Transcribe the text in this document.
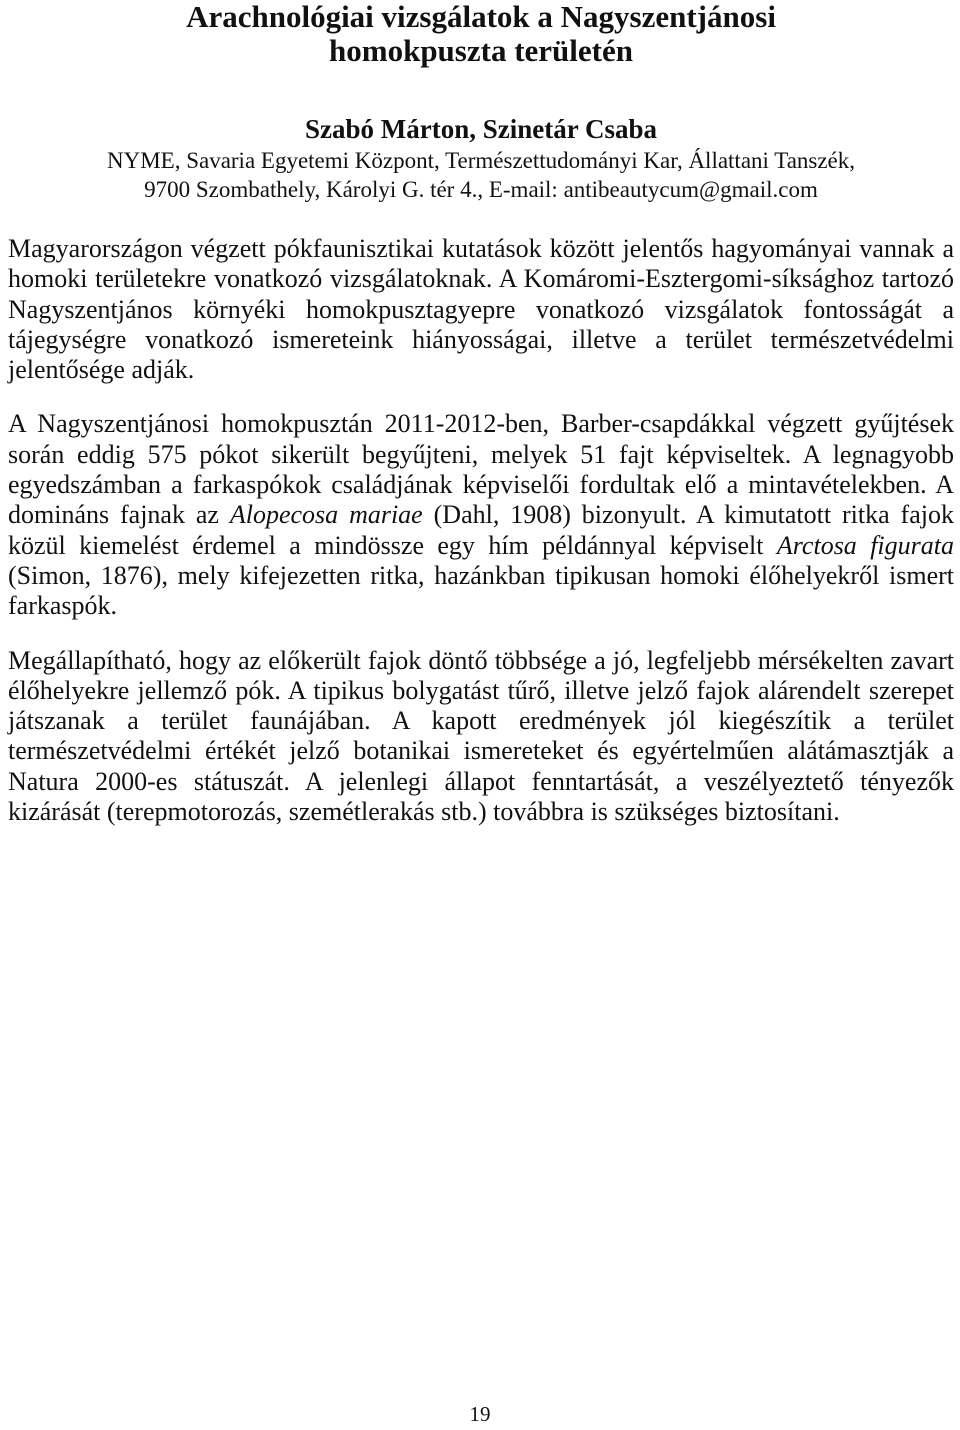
Arachnológiai vizsgálatok a Nagyszentjánosi
homokpuszta területén

Szabó Márton, Szinetár Csaba

NYME, Savaria Egyetemi Központ, Természettudományi Kar, Állattani Tanszék,
9700 Szombathely, Károlyi G. tér 4., E-mail: antibeautycum@gmail.com

Magyarországon végzett pókfaunisztikai kutatások között jelentős hagyományai vannak a homoki területekre vonatkozó vizsgálatoknak. A Komáromi-Esztergomi-síksághoz tartozó Nagyszentjános környéki homokpusztagyepre vonatkozó vizsgálatok fontosságát a tájegységre vonatkozó ismereteink hiányosságai, illetve a terület természetvédelmi jelentősége adják.

A Nagyszentjánosi homokpusztán 2011-2012-ben, Barber-csapdákkal végzett gyűjtések során eddig 575 pókot sikerült begyűjteni, melyek 51 fajt képviseltek. A legnagyobb egyedszámban a farkaspókok családjának képviselői fordultak elő a mintavételekben. A domináns fajnak az Alopecosa mariae (Dahl, 1908) bizonyult. A kimutatott ritka fajok közül kiemelést érdemel a mindössze egy hím példánnyal képviselt Arctosa figurata (Simon, 1876), mely kifejezetten ritka, hazánkban tipikusan homoki élőhelyekről ismert farkaspók.

Megállapítható, hogy az előkerült fajok döntő többsége a jó, legfeljebb mérsékelten zavart élőhelyekre jellemző pók. A tipikus bolygatást tűrő, illetve jelző fajok alárendelt szerepet játszanak a terület faunájában. A kapott eredmények jól kiegészítik a terület természetvédelmi értékét jelző botanikai ismereteket és egyértelműen alátámasztják a Natura 2000-es státuszát. A jelenlegi állapot fenntartását, a veszélyeztető tényezők kizárását (terepmotorozás, szemétlerakás stb.) továbbra is szükséges biztosítani.

19
